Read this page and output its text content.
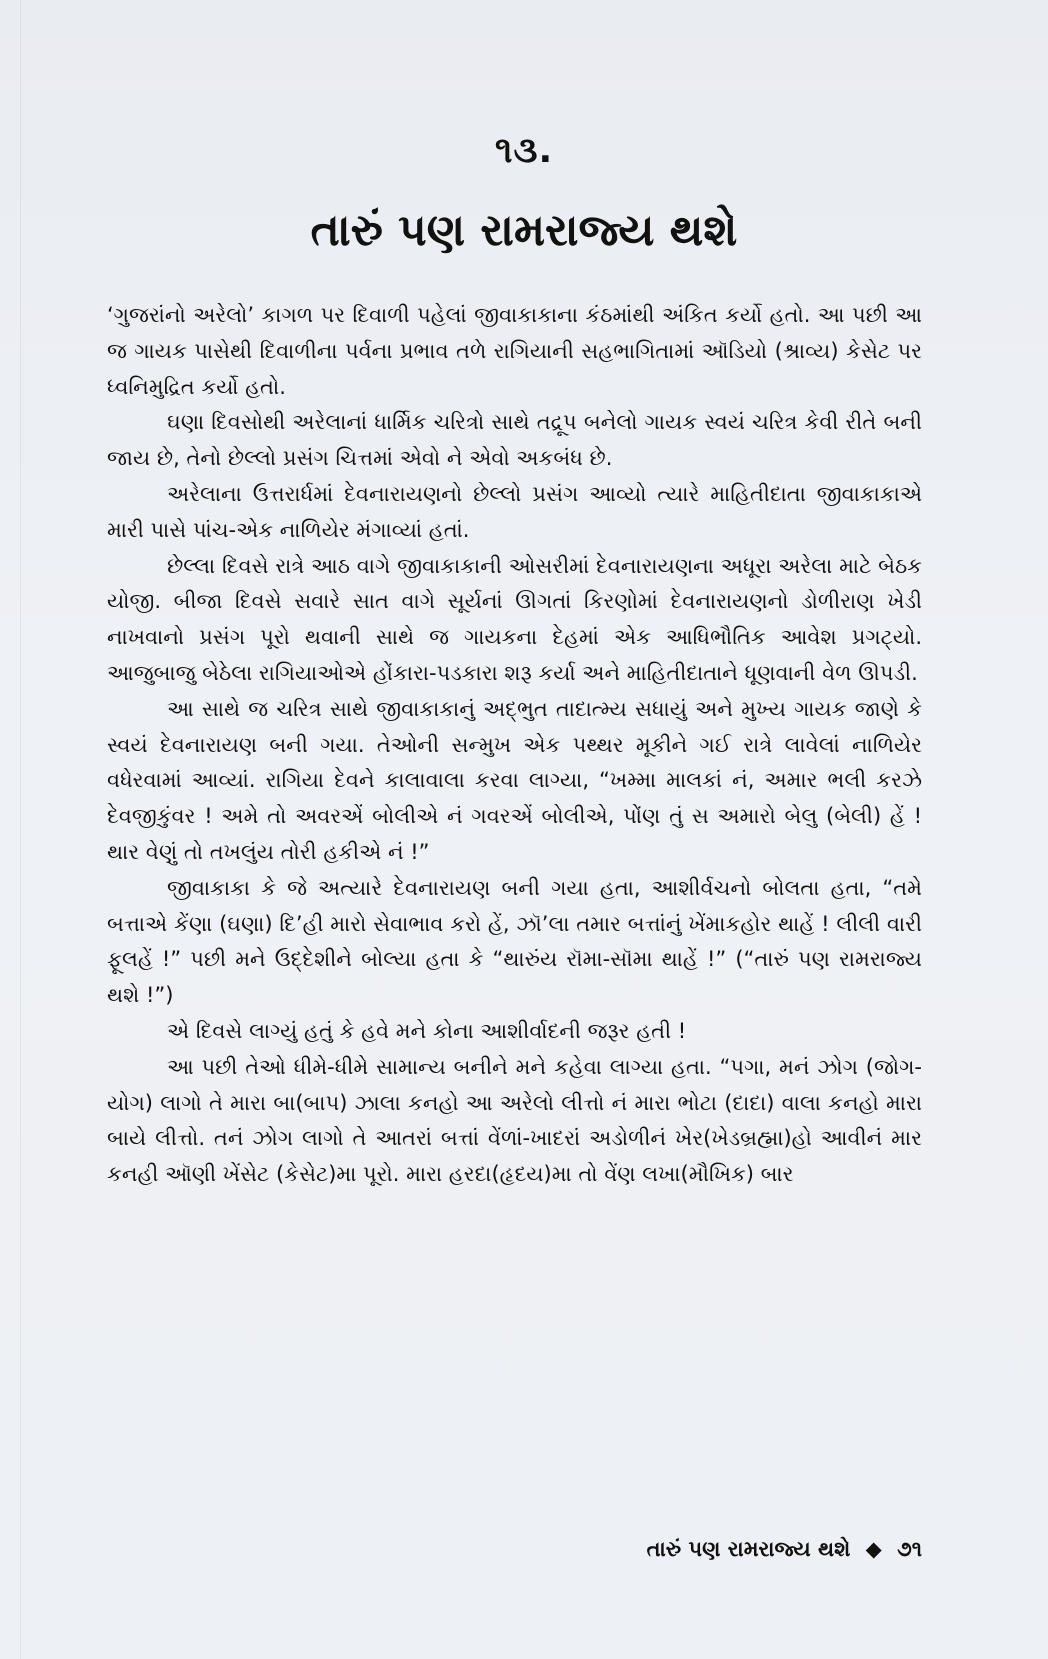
૧૩.
તારું પણ રામરાજ્ય થશે

‘ગુજરાંનો અરેલો’ કાગળ પર દિવાળી પહેલાં જીવાકાકાના કંઠમાંથી અંકિત કર્યો હતો. આ પછી આ જ ગાયક પાસેથી દિવાળીના પર્વના પ્રભાવ તળે રાગિયાની સહભાગિતામાં ઑડિયો (શ્રાવ્ય) કેસેટ પર ધ્વનિમુદ્રિત કર્યો હતો.

ઘણા દિવસોથી અરેલાનાં ધાર્મિક ચરિત્રો સાથે તદ્રૂપ બનેલો ગાયક સ્વયં ચરિત્ર કેવી રીતે બની જાય છે, તેનો છેલ્લો પ્રસંગ ચિત્તમાં એવો ને એવો અકબંધ છે.

અરેલાના ઉત્તરાર્ધમાં દેવનારાયણનો છેલ્લો પ્રસંગ આવ્યો ત્યારે માહિતીદાતા જીવાકાકાએ મારી પાસે પાંચ-એક નાળિયેર મંગાવ્યાં હતાં.

છેલ્લા દિવસે રાત્રે આઠ વાગે જીવાકાકાની ઓસરીમાં દેવનારાયણના અધૂરા અરેલા માટે બેઠક યોજી. બીજા દિવસે સવારે સાત વાગે સૂર્યનાં ઊગતાં કિરણોમાં દેવનારાયણનો ડોળીરાણ ખેડી નાખવાનો પ્રસંગ પૂરો થવાની સાથે જ ગાયકના દેહમાં એક આધિભૌતિક આવેશ પ્રગટ્યો. આજુબાજુ બેઠેલા રાગિયાઓએ હોંકારા-પડકારા શરૂ કર્યા અને માહિતીદાતાને ધૂણવાની વેળ ઊપડી.

આ સાથે જ ચરિત્ર સાથે જીવાકાકાનું અદ્ભુત તાદાત્મ્ય સધાયું અને મુખ્ય ગાયક જાણે કે સ્વયં દેવનારાયણ બની ગયા. તેઓની સન્મુખ એક પથ્થર મૂકીને ગઈ રાત્રે લાવેલાં નાળિયેર વધેરવામાં આવ્યાં. રાગિયા દેવને કાલાવાલા કરવા લાગ્યા, “ખમ્મા માલકાં નં, અમાર ભલી કરઝે દેવજીકુંવર ! અમે તો અવરએં બોલીએ નં ગવરએં બોલીએ, પોંણ તું સ અમારો બેલુ (બેલી) હેં ! થાર વેણું તો તખલુંય તોરી હકીએ નં !”

જીવાકાકા કે જે અત્યારે દેવનારાયણ બની ગયા હતા, આશીર્વચનો બોલતા હતા, “તમે બત્તાએ કેંણા (ઘણા) દિ’હી મારો સેવાભાવ કરો હેં, ઝૉ’લા તમાર બત્તાંનું ખેંમાકહોર થાહેં ! લીલી વારી ફૂલહેં !” પછી મને ઉદ્દેશીને બોલ્યા હતા કે “થારુંય રૉમા-સૉમા થાહેં !” (“તારું પણ રામરાજ્ય થશે !”)

એ દિવસે લાગ્યું હતું કે હવે મને કોના આશીર્વાદની જરૂર હતી !

આ પછી તેઓ ધીમે-ધીમે સામાન્ય બનીને મને કહેવા લાગ્યા હતા. “પગા, મનં ઝોગ (જોગ-યોગ) લાગો તે મારા બા(બાપ) ઝાલા કનહો આ અરેલો લીત્તો નં મારા ભોટા (દાદા) વાલા કનહો મારા બાયે લીત્તો. તનં ઝોગ લાગો તે આતરાં બત્તાં વેંળાં-ખાદરાં અડોળીનં ખેર(ખેડબ્રહ્મા)હો આવીનં માર કનહી ઑણી ખેંસેટ (કેસેટ)મા પૂરો. મારા હરદા(હૃદય)મા તો વેંણ લખા(મૌખિક) બાર

તારું પણ રામરાજ્ય થશે ◆ ૭૧
